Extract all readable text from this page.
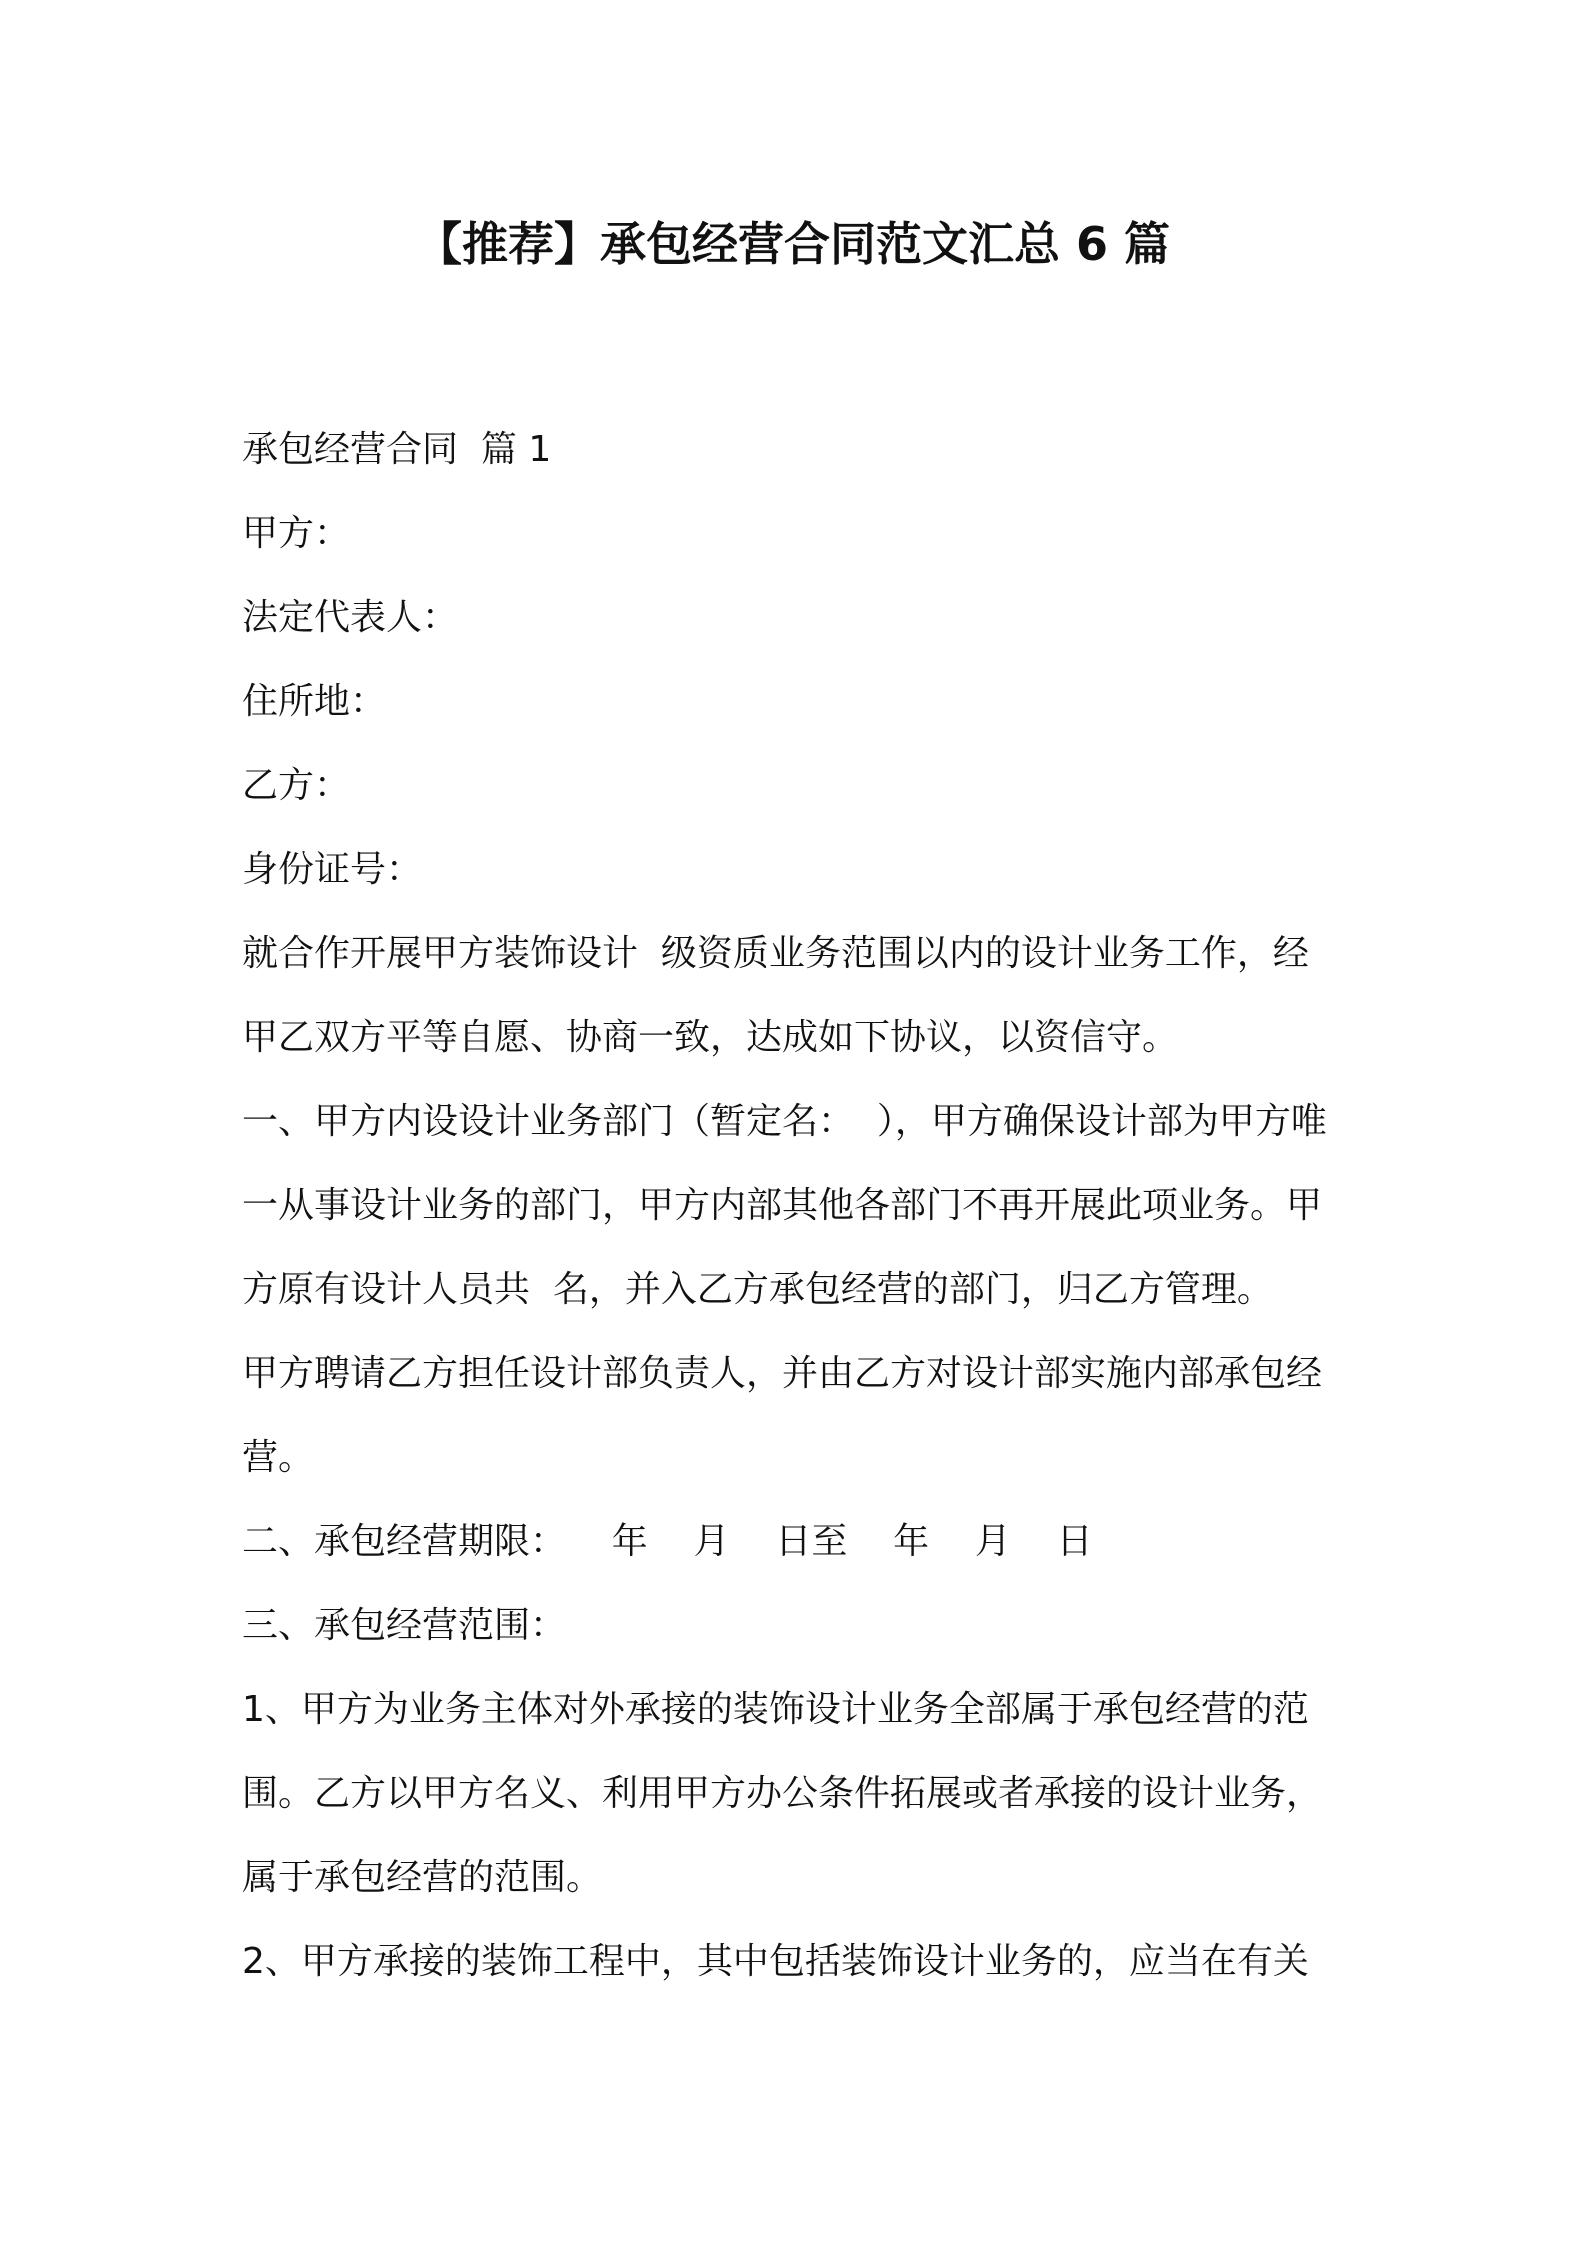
【推荐】承包经营合同范文汇总 6 篇
承包经营合同  篇 1
甲方：
法定代表人：
住所地：
乙方：
身份证号：
就合作开展甲方装饰设计  级资质业务范围以内的设计业务工作，经
甲乙双方平等自愿、协商一致，达成如下协议，以资信守。
一、甲方内设设计业务部门（暂定名：  ），甲方确保设计部为甲方唯
一从事设计业务的部门，甲方内部其他各部门不再开展此项业务。甲
方原有设计人员共  名，并入乙方承包经营的部门，归乙方管理。
甲方聘请乙方担任设计部负责人，并由乙方对设计部实施内部承包经
营。
二、承包经营期限：    年    月    日至    年    月    日
三、承包经营范围：
1、甲方为业务主体对外承接的装饰设计业务全部属于承包经营的范
围。乙方以甲方名义、利用甲方办公条件拓展或者承接的设计业务，
属于承包经营的范围。
2、甲方承接的装饰工程中，其中包括装饰设计业务的，应当在有关
